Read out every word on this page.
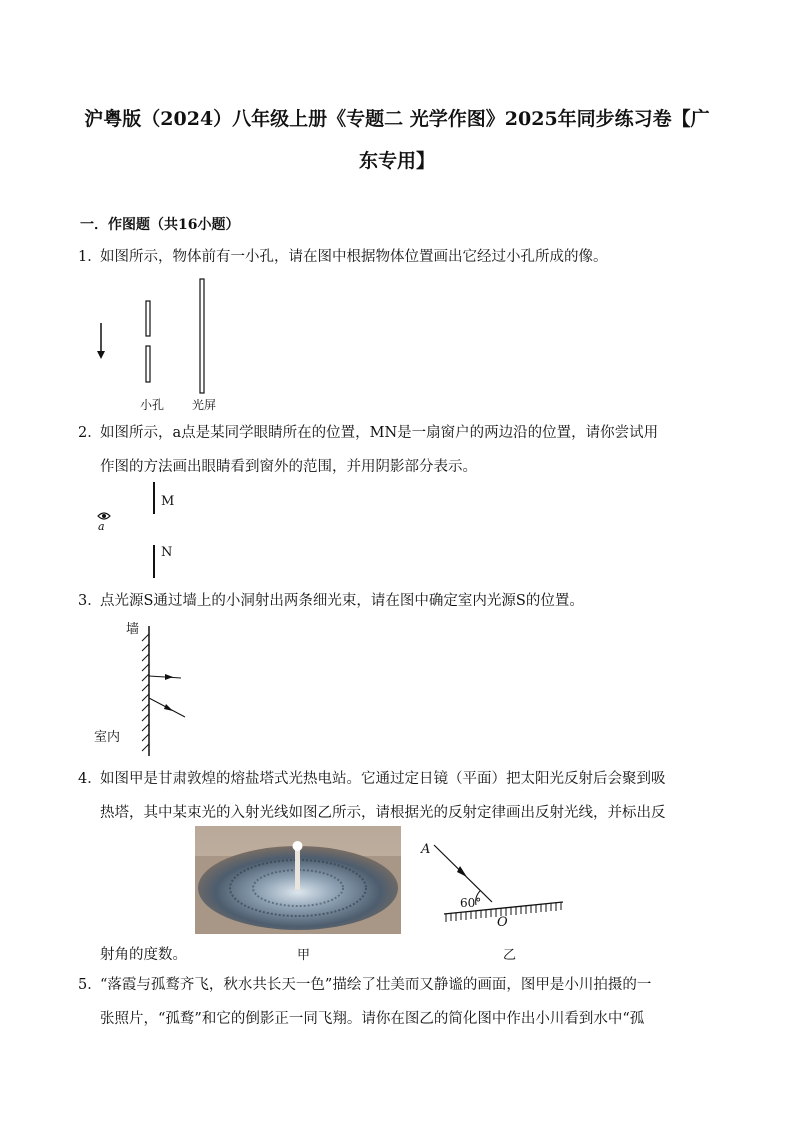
沪粤版（2024）八年级上册《专题二 光学作图》2025年同步练习卷【广
东专用】
一．作图题（共16小题）
1．
如图所示，物体前有一小孔，请在图中根据物体位置画出它经过小孔所成的像。
小孔 光屏
2．
如图所示，a点是某同学眼睛所在的位置，MN是一扇窗户的两边沿的位置，请你尝试用
作图的方法画出眼睛看到窗外的范围，并用阴影部分表示。
M
N
a
3．
点光源S通过墙上的小洞射出两条细光束，请在图中确定室内光源S的位置。
墙
室内
4．
如图甲是甘肃敦煌的熔盐塔式光热电站。它通过定日镜（平面）把太阳光反射后会聚到吸
热塔，其中某束光的入射光线如图乙所示，请根据光的反射定律画出反射光线，并标出反
射角的度数。
A
60°
O
甲	乙
5．
“落霞与孤鹜齐飞，秋水共长天一色”描绘了壮美而又静谧的画面，图甲是小川拍摄的一
张照片，“孤鹜”和它的倒影正一同飞翔。请你在图乙的简化图中作出小川看到水中“孤
